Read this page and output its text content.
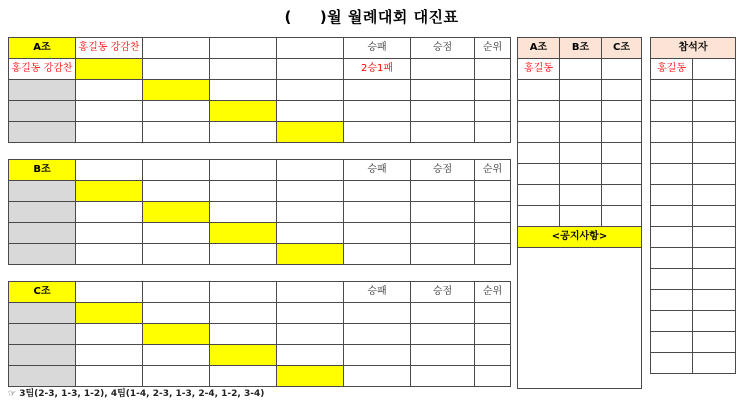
( )월 월례대회 대진표
A조	홍길동 강감찬				승패	승점	순위
홍길동 강감찬					2승1패		

B조					승패	승점	순위

C조					승패	승점	순위

A조	B조	C조
홍길동		

<공지사항>		

참석자	
홍길동	

☞ 3팀(2-3, 1-3, 1-2), 4팀(1-4, 2-3, 1-3, 2-4, 1-2, 3-4)
